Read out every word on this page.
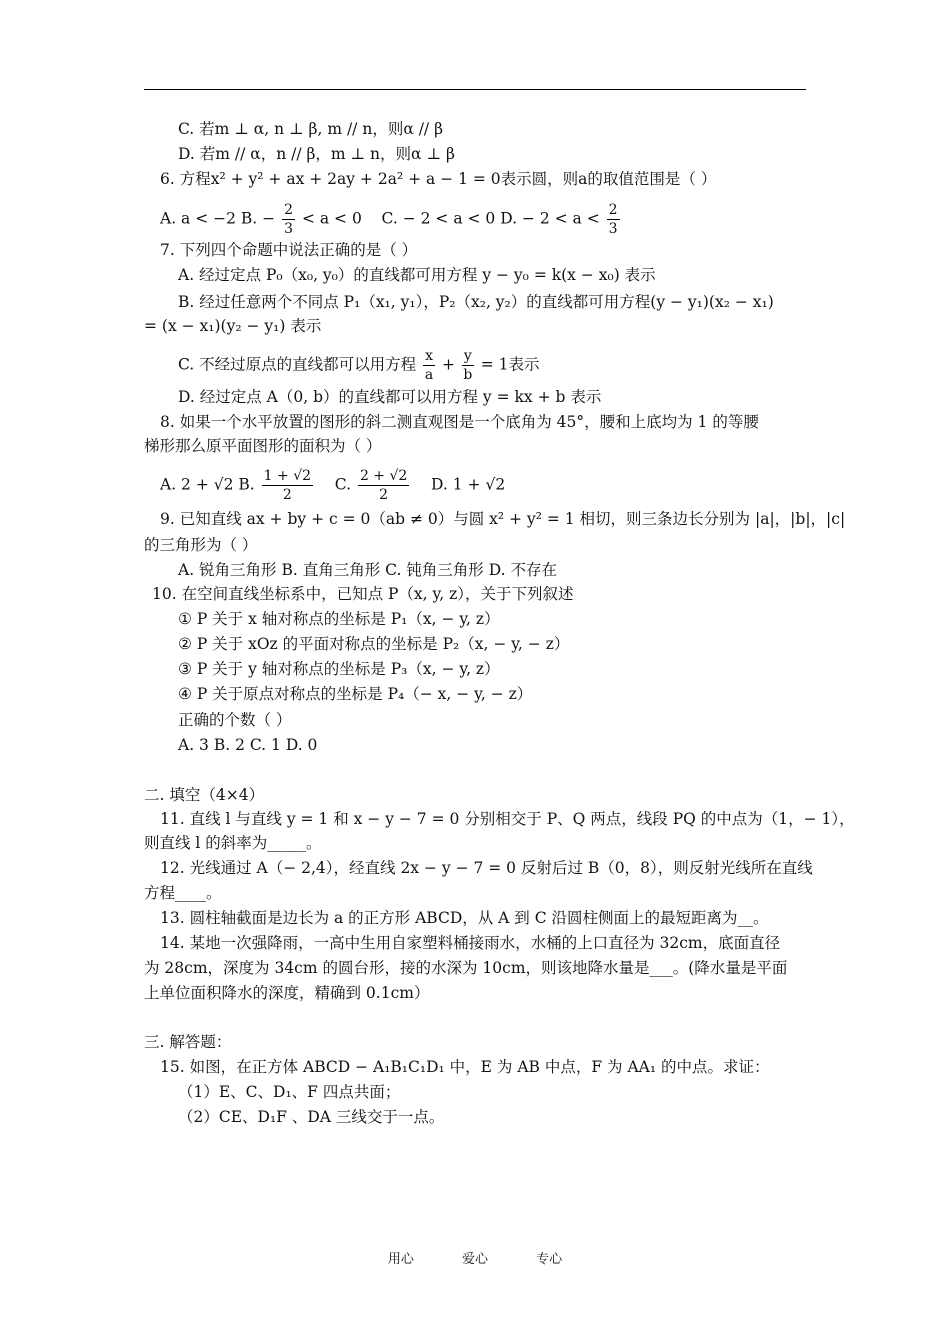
C. 若m ⊥ α, n ⊥ β, m // n，则α // β
D. 若m // α，n // β，m ⊥ n，则α ⊥ β
6. 方程x² + y² + ax + 2ay + 2a² + a − 1 = 0表示圆，则a的取值范围是（ ）
A. a < −2 B. − $\frac{2}{3} < a < 0$ C. − 2 < a < 0 D. − $2 < a < \frac{2}{3}$
7. 下列四个命题中说法正确的是（ ）
A. 经过定点 P₀（x₀, y₀）的直线都可用方程 y − y₀ = k(x − x₀) 表示
B. 经过任意两个不同点 P₁（x₁, y₁），P₂（x₂, y₂）的直线都可用方程(y − y₁)(x₂ − x₁)
= (x − x₁)(y₂ − y₁) 表示
C. 不经过原点的直线都可以用方程 $\frac{x}{a} + \frac{y}{b} = 1$表示
D. 经过定点 A（0, b）的直线都可以用方程 y = kx + b 表示
8. 如果一个水平放置的图形的斜二测直观图是一个底角为 45°，腰和上底均为 1 的等腰
梯形那么原平面图形的面积为（ ）
A. 2 + √2 B. $\frac{1 + √2}{2} C$. $\frac{2 + √2}{2} D$. 1 + √2
9. 已知直线 ax + by + c = 0（ab ≠ 0）与圆 x² + y² = 1 相切，则三条边长分别为 |a|，|b|，|c|
的三角形为（ ）
A. 锐角三角形 B. 直角三角形 C. 钝角三角形 D. 不存在
10. 在空间直线坐标系中，已知点 P（x, y, z），关于下列叙述
① P 关于 x 轴对称点的坐标是 P₁（x, − y, z）
② P 关于 xOz 的平面对称点的坐标是 P₂（x, − y, − z）
③ P 关于 y 轴对称点的坐标是 P₃（x, − y, z）
④ P 关于原点对称点的坐标是 P₄（− x, − y, − z）
正确的个数（ ）
A. 3 B. 2 C. 1 D. 0
二. 填空（4×4）
11. 直线 l 与直线 y = 1 和 x − y − 7 = 0 分别相交于 P、Q 两点，线段 PQ 的中点为（1，− 1），
则直线 l 的斜率为_____。
12. 光线通过 A（− 2,4），经直线 2x − y − 7 = 0 反射后过 B（0，8），则反射光线所在直线
方程____。
13. 圆柱轴截面是边长为 a 的正方形 ABCD，从 A 到 C 沿圆柱侧面上的最短距离为__。
14. 某地一次强降雨，一高中生用自家塑料桶接雨水，水桶的上口直径为 32cm，底面直径
为 28cm，深度为 34cm 的圆台形，接的水深为 10cm，则该地降水量是___。(降水量是平面
上单位面积降水的深度，精确到 0.1cm）
三. 解答题：
15. 如图，在正方体 ABCD − A₁B₁C₁D₁ 中，E 为 AB 中点，F 为 AA₁ 的中点。求证：
（1）E、C、D₁、F 四点共面；
（2）CE、D₁F 、DA 三线交于一点。
用心	爱心	专心
